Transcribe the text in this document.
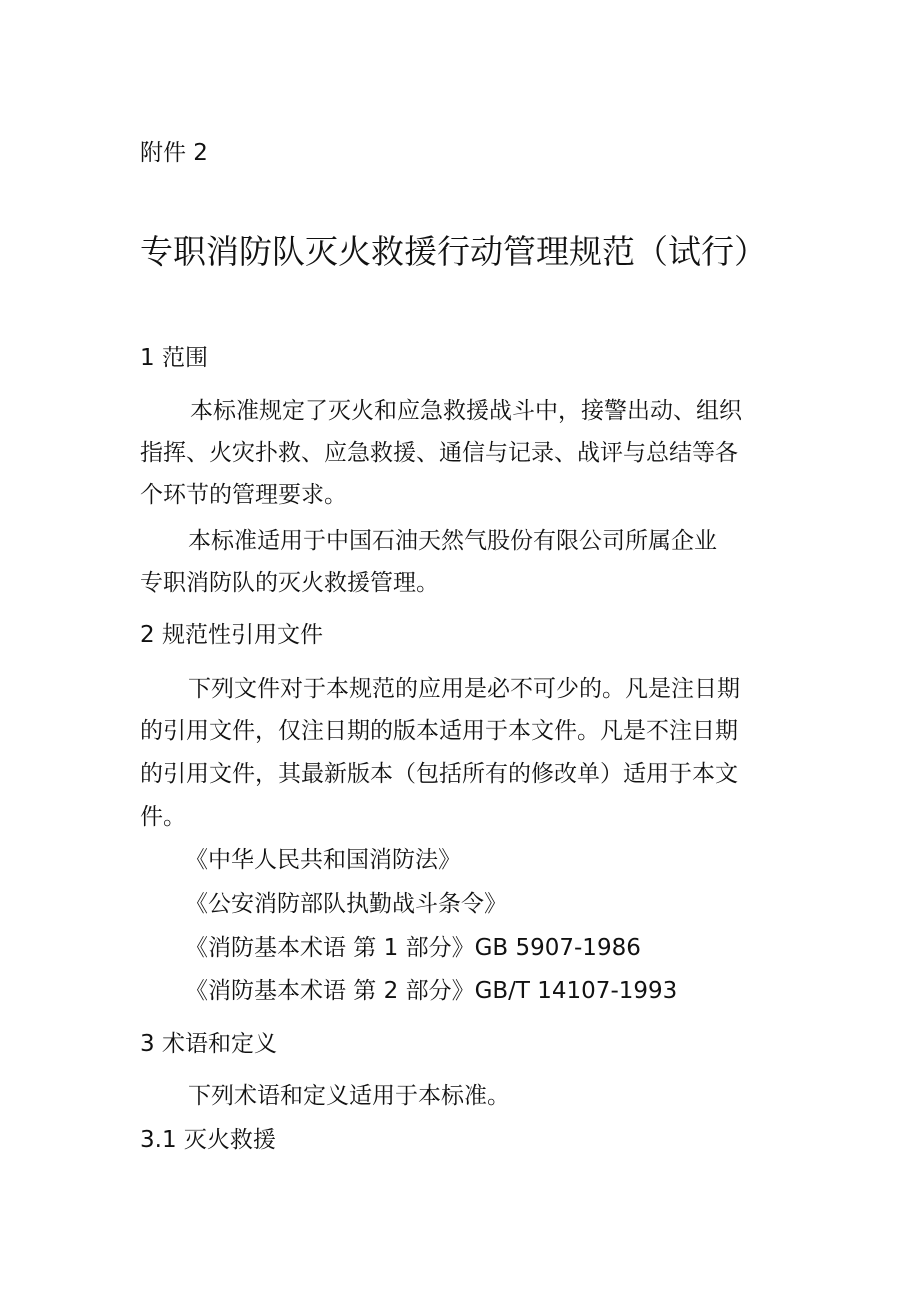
附件 2
专职消防队灭火救援行动管理规范（试行）
1 范围
本标准规定了灭火和应急救援战斗中，接警出动、组织
指挥、火灾扑救、应急救援、通信与记录、战评与总结等各
个环节的管理要求。
本标准适用于中国石油天然气股份有限公司所属企业
专职消防队的灭火救援管理。
2 规范性引用文件
下列文件对于本规范的应用是必不可少的。凡是注日期
的引用文件，仅注日期的版本适用于本文件。凡是不注日期
的引用文件，其最新版本（包括所有的修改单）适用于本文
件。
《中华人民共和国消防法》
《公安消防部队执勤战斗条令》
《消防基本术语 第 1 部分》GB 5907-1986
《消防基本术语 第 2 部分》GB/T 14107-1993
3 术语和定义
下列术语和定义适用于本标准。
3.1 灭火救援
